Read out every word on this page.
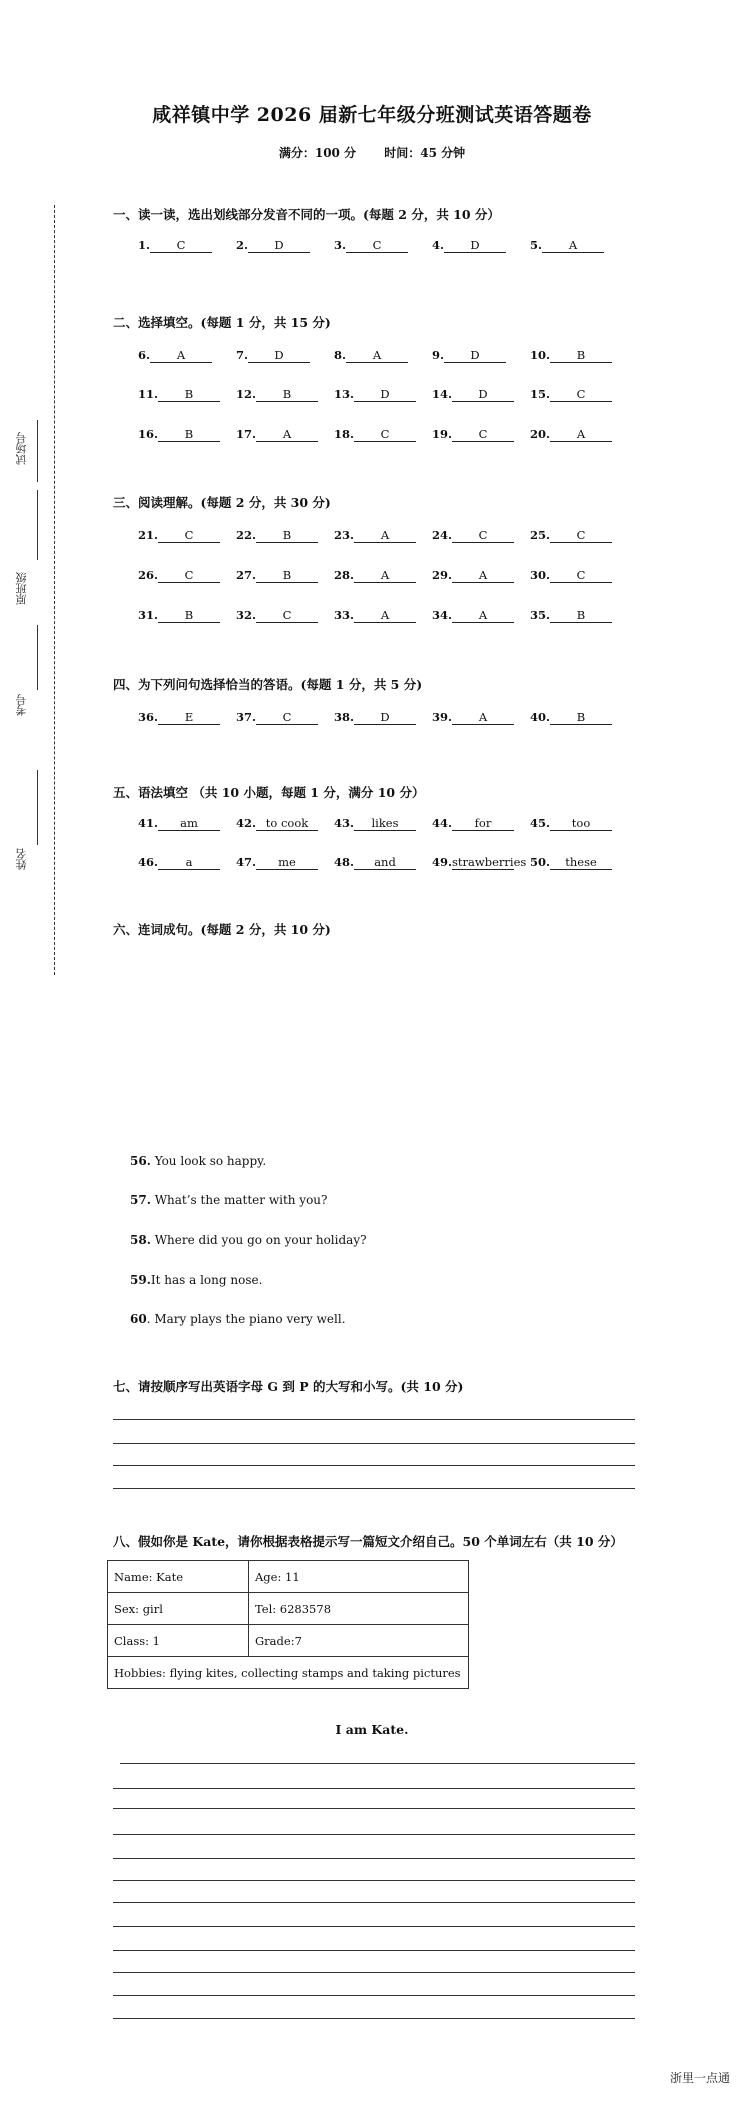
咸祥镇中学 2026 届新七年级分班测试英语答题卷
满分：100 分 时间：45 分钟
试场号
原班级
考号
姓名
一、读一读，选出划线部分发音不同的一项。(每题 2 分，共 10 分）
1. C	2. D	3. C	4. D	5. A
二、选择填空。(每题 1 分，共 15 分)
6. A	7. D	8. A	9. D	10. B
11. B	12. B	13. D	14. D	15. C
16. B	17. A	18. C	19. C	20. A
三、阅读理解。(每题 2 分，共 30 分)
21. C	22. B	23. A	24. C	25. C
26. C	27. B	28. A	29. A	30. C
31. B	32. C	33. A	34. A	35. B
四、为下列问句选择恰当的答语。(每题 1 分，共 5 分)
36. E	37. C	38. D	39. A	40. B
五、语法填空 （共 10 小题，每题 1 分，满分 10 分）
41. am	42. to cook	43. likes	44. for	45. too
46. a	47. me	48. and	49.strawberries 50. these
六、连词成句。(每题 2 分，共 10 分)
56. You look so happy.
57. What’s the matter with you?
58. Where did you go on your holiday?
59.It has a long nose.
60. Mary plays the piano very well.
七、请按顺序写出英语字母 G 到 P 的大写和小写。(共 10 分)
八、假如你是 Kate，请你根据表格提示写一篇短文介绍自己。50 个单词左右（共 10 分）
Name: Kate	Age: 11
Sex: girl	Tel: 6283578
Class: 1	Grade:7
Hobbies: flying kites, collecting stamps and taking pictures	
I am Kate.
浙里一点通
